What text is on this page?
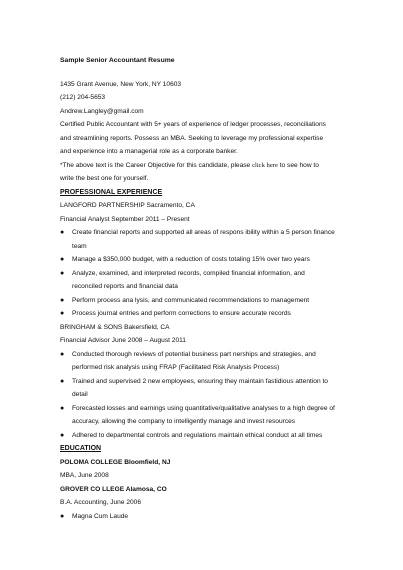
Sample Senior Accountant Resume
1435 Grant Avenue, New York, NY 10603
(212) 204-5653
Andrew.Langley@gmail.com
Certified Public Accountant with 5+ years of experience of ledger processes, reconciliations
and streamlining reports. Possess an MBA. Seeking to leverage my professional expertise
and experience into a managerial role as a corporate banker.
*The above text is the Career Objective for this candidate, please click here to see how to
write the best one for yourself.
PROFESSIONAL EXPERIENCE
LANGFORD PARTNERSHIP Sacramento, CA
Financial Analyst September 2011 – Present
● Create financial reports and supported all areas of respons ibility within a 5 person finance
team
● Manage a $350,000 budget, with a reduction of costs totaling 15% over two years
● Analyze, examined, and interpreted records, compiled financial information, and
reconciled reports and financial data
● Perform process ana lysis, and communicated recommendations to management
● Process journal entries and perform corrections to ensure accurate records
BRINGHAM & SONS Bakersfield, CA
Financial Advisor June 2008 – August 2011
● Conducted thorough reviews of potential business part nerships and strategies, and
performed risk analysis using FRAP (Facilitated Risk Analysis Process)
● Trained and supervised 2 new employees, ensuring they maintain fastidious attention to
detail
● Forecasted losses and earnings using quantitative/qualitative analyses to a high degree of
accuracy, allowing the company to intelligently manage and invest resources
● Adhered to departmental controls and regulations maintain ethical conduct at all times
EDUCATION
POLOMA COLLEGE Bloomfield, NJ
MBA, June 2008
GROVER CO LLEGE Alamosa, CO
B.A. Accounting, June 2006
● Magna Cum Laude
